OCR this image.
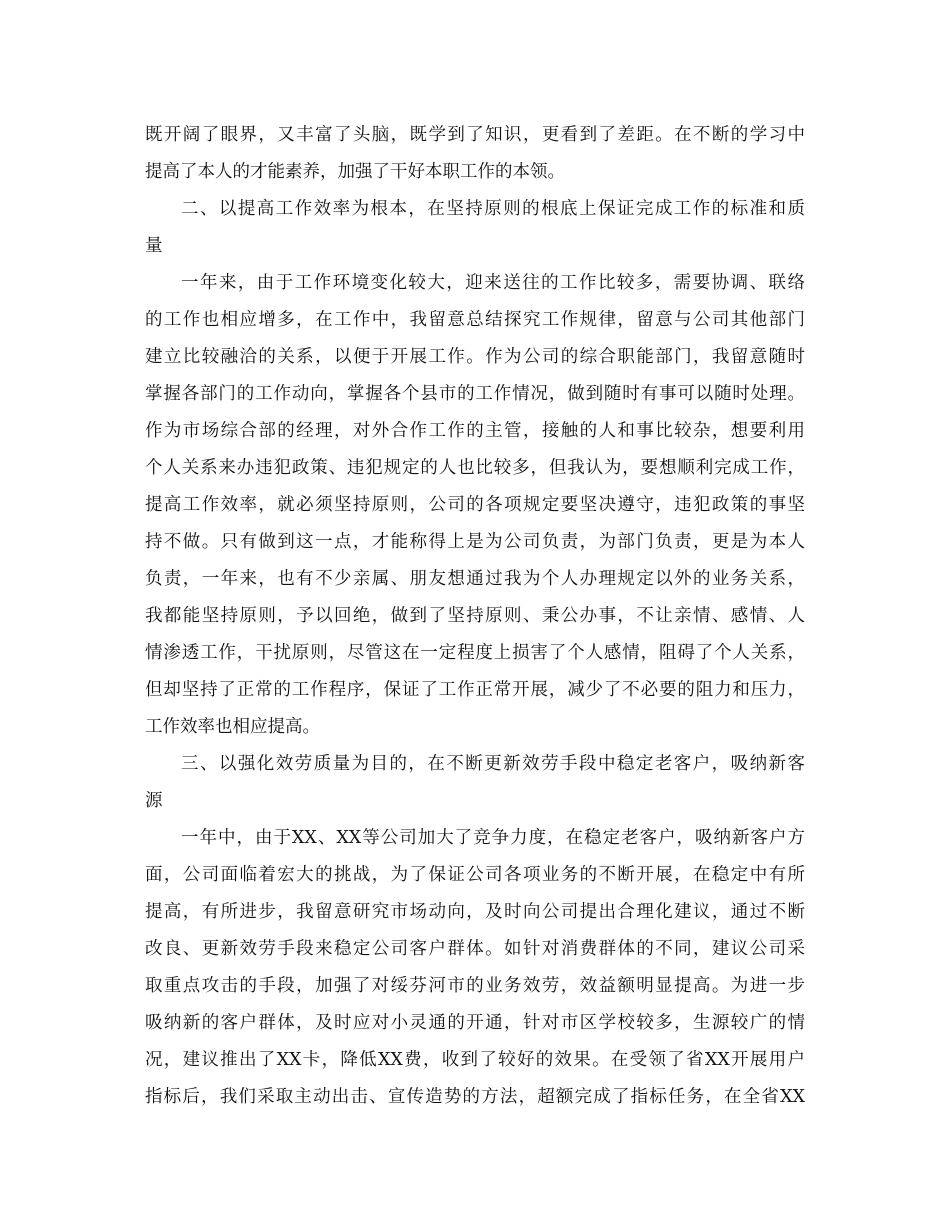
既开阔了眼界，又丰富了头脑，既学到了知识，更看到了差距。在不断的学习中
提高了本人的才能素养，加强了干好本职工作的本领。
二、以提高工作效率为根本，在坚持原则的根底上保证完成工作的标准和质
量
一年来，由于工作环境变化较大，迎来送往的工作比较多，需要协调、联络
的工作也相应增多，在工作中，我留意总结探究工作规律，留意与公司其他部门
建立比较融洽的关系，以便于开展工作。作为公司的综合职能部门，我留意随时
掌握各部门的工作动向，掌握各个县市的工作情况，做到随时有事可以随时处理。
作为市场综合部的经理，对外合作工作的主管，接触的人和事比较杂，想要利用
个人关系来办违犯政策、违犯规定的人也比较多，但我认为，要想顺利完成工作，
提高工作效率，就必须坚持原则，公司的各项规定要坚决遵守，违犯政策的事坚
持不做。只有做到这一点，才能称得上是为公司负责，为部门负责，更是为本人
负责，一年来，也有不少亲属、朋友想通过我为个人办理规定以外的业务关系，
我都能坚持原则，予以回绝，做到了坚持原则、秉公办事，不让亲情、感情、人
情渗透工作，干扰原则，尽管这在一定程度上损害了个人感情，阻碍了个人关系，
但却坚持了正常的工作程序，保证了工作正常开展，减少了不必要的阻力和压力，
工作效率也相应提高。
三、以强化效劳质量为目的，在不断更新效劳手段中稳定老客户，吸纳新客
源
一年中，由于XX、XX等公司加大了竞争力度，在稳定老客户，吸纳新客户方
面，公司面临着宏大的挑战，为了保证公司各项业务的不断开展，在稳定中有所
提高，有所进步，我留意研究市场动向，及时向公司提出合理化建议，通过不断
改良、更新效劳手段来稳定公司客户群体。如针对消费群体的不同，建议公司采
取重点攻击的手段，加强了对绥芬河市的业务效劳，效益额明显提高。为进一步
吸纳新的客户群体，及时应对小灵通的开通，针对市区学校较多，生源较广的情
况，建议推出了XX卡，降低XX费，收到了较好的效果。在受领了省XX开展用户
指标后，我们采取主动出击、宣传造势的方法，超额完成了指标任务，在全省XX
